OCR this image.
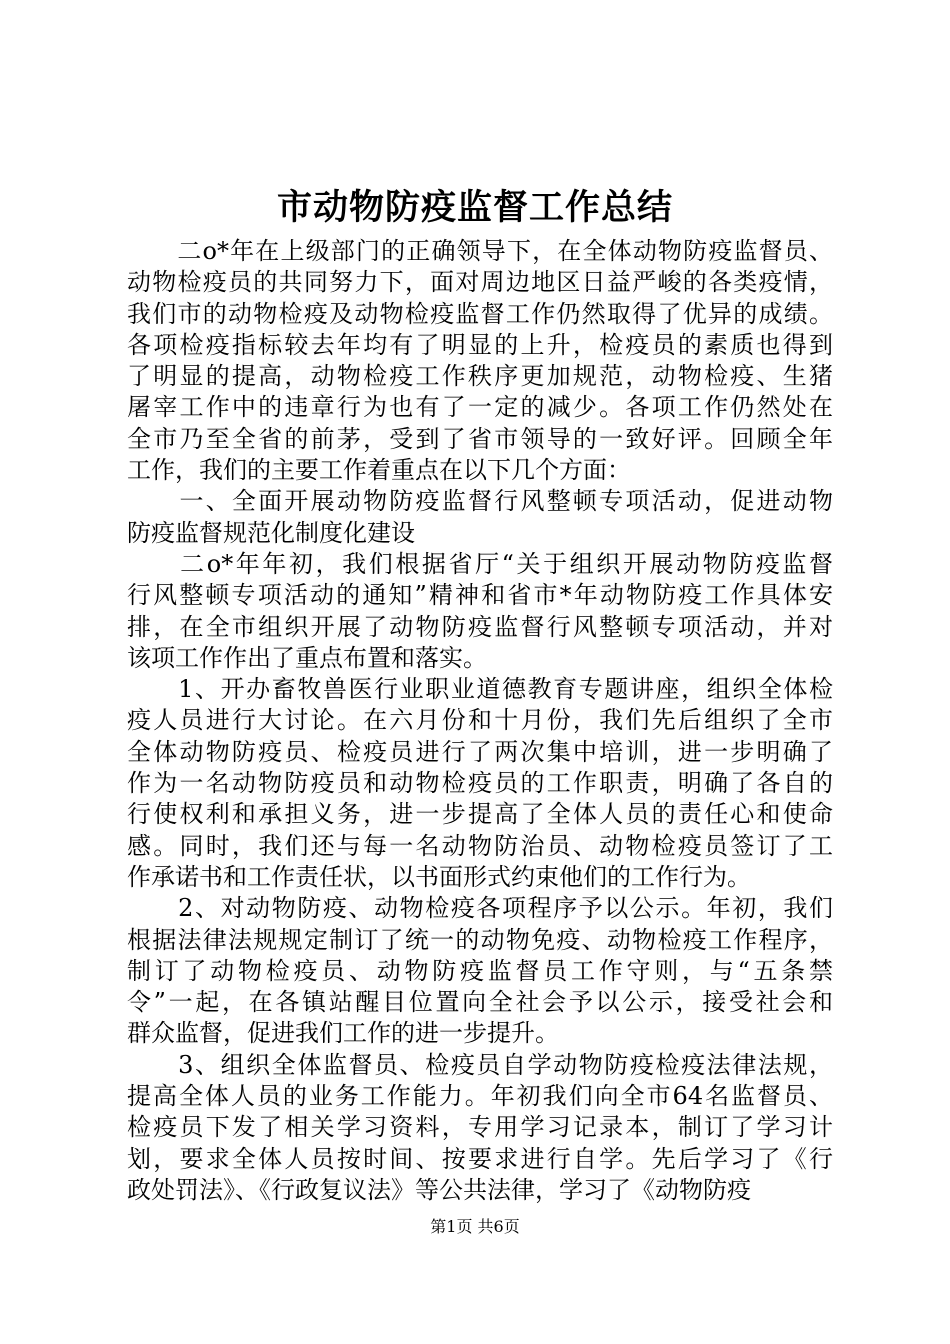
市动物防疫监督工作总结
　　二o*年在上级部门的正确领导下，在全体动物防疫监督员、
动物检疫员的共同努力下，面对周边地区日益严峻的各类疫情，
我们市的动物检疫及动物检疫监督工作仍然取得了优异的成绩。
各项检疫指标较去年均有了明显的上升，检疫员的素质也得到
了明显的提高，动物检疫工作秩序更加规范，动物检疫、生猪
屠宰工作中的违章行为也有了一定的减少。各项工作仍然处在
全市乃至全省的前茅，受到了省市领导的一致好评。回顾全年
工作，我们的主要工作着重点在以下几个方面：
　　一、全面开展动物防疫监督行风整顿专项活动，促进动物
防疫监督规范化制度化建设
　　二o*年年初，我们根据省厅“关于组织开展动物防疫监督
行风整顿专项活动的通知”精神和省市*年动物防疫工作具体安
排，在全市组织开展了动物防疫监督行风整顿专项活动，并对
该项工作作出了重点布置和落实。
　　1、开办畜牧兽医行业职业道德教育专题讲座，组织全体检
疫人员进行大讨论。在六月份和十月份，我们先后组织了全市
全体动物防疫员、检疫员进行了两次集中培训，进一步明确了
作为一名动物防疫员和动物检疫员的工作职责，明确了各自的
行使权利和承担义务，进一步提高了全体人员的责任心和使命
感。同时，我们还与每一名动物防治员、动物检疫员签订了工
作承诺书和工作责任状，以书面形式约束他们的工作行为。
　　2、对动物防疫、动物检疫各项程序予以公示。年初，我们
根据法律法规规定制订了统一的动物免疫、动物检疫工作程序，
制订了动物检疫员、动物防疫监督员工作守则，与“五条禁
令”一起，在各镇站醒目位置向全社会予以公示，接受社会和
群众监督，促进我们工作的进一步提升。
　　3、组织全体监督员、检疫员自学动物防疫检疫法律法规，
提高全体人员的业务工作能力。年初我们向全市64名监督员、
检疫员下发了相关学习资料，专用学习记录本，制订了学习计
划，要求全体人员按时间、按要求进行自学。先后学习了《行
政处罚法》、《行政复议法》等公共法律，学习了《动物防疫
第1页 共6页
